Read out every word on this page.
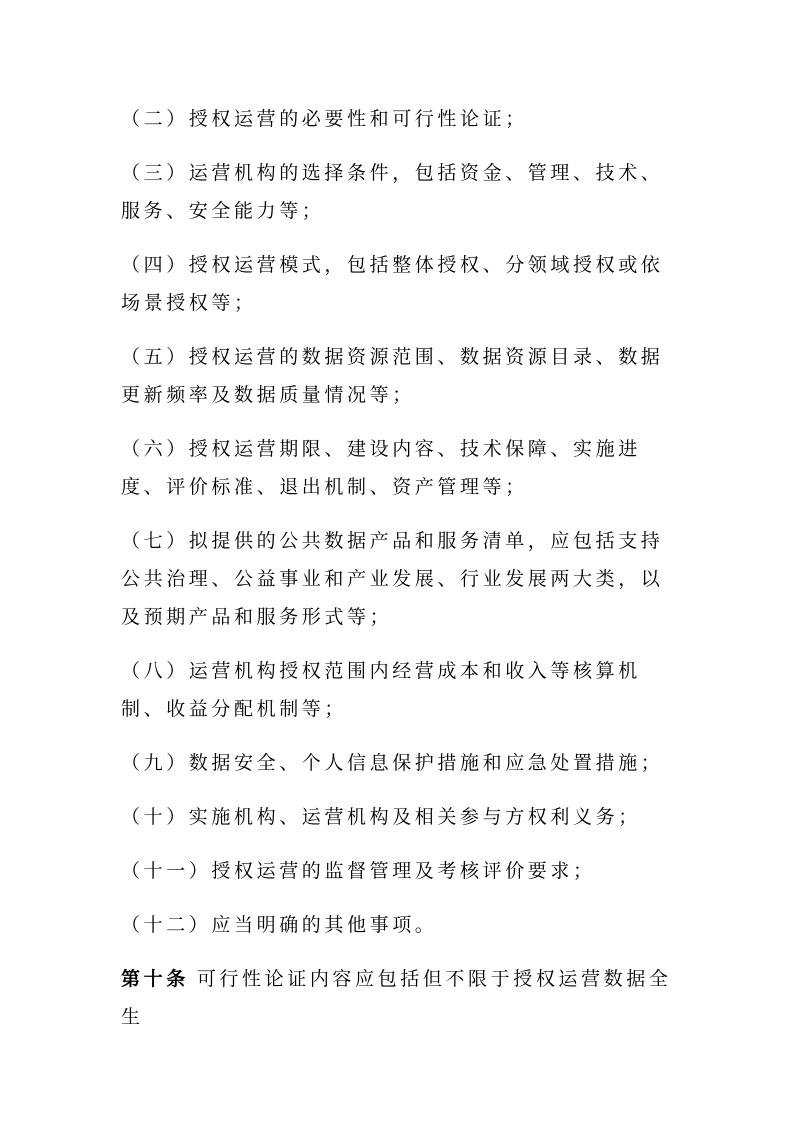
（二）授权运营的必要性和可行性论证；

（三）运营机构的选择条件，包括资金、管理、技术、服务、安全能力等；

（四）授权运营模式，包括整体授权、分领域授权或依场景授权等；

（五）授权运营的数据资源范围、数据资源目录、数据更新频率及数据质量情况等；

（六）授权运营期限、建设内容、技术保障、实施进度、评价标准、退出机制、资产管理等；

（七）拟提供的公共数据产品和服务清单，应包括支持公共治理、公益事业和产业发展、行业发展两大类，以及预期产品和服务形式等；

（八）运营机构授权范围内经营成本和收入等核算机制、收益分配机制等；

（九）数据安全、个人信息保护措施和应急处置措施；

（十）实施机构、运营机构及相关参与方权利义务；

（十一）授权运营的监督管理及考核评价要求；

（十二）应当明确的其他事项。

第十条 可行性论证内容应包括但不限于授权运营数据全生
